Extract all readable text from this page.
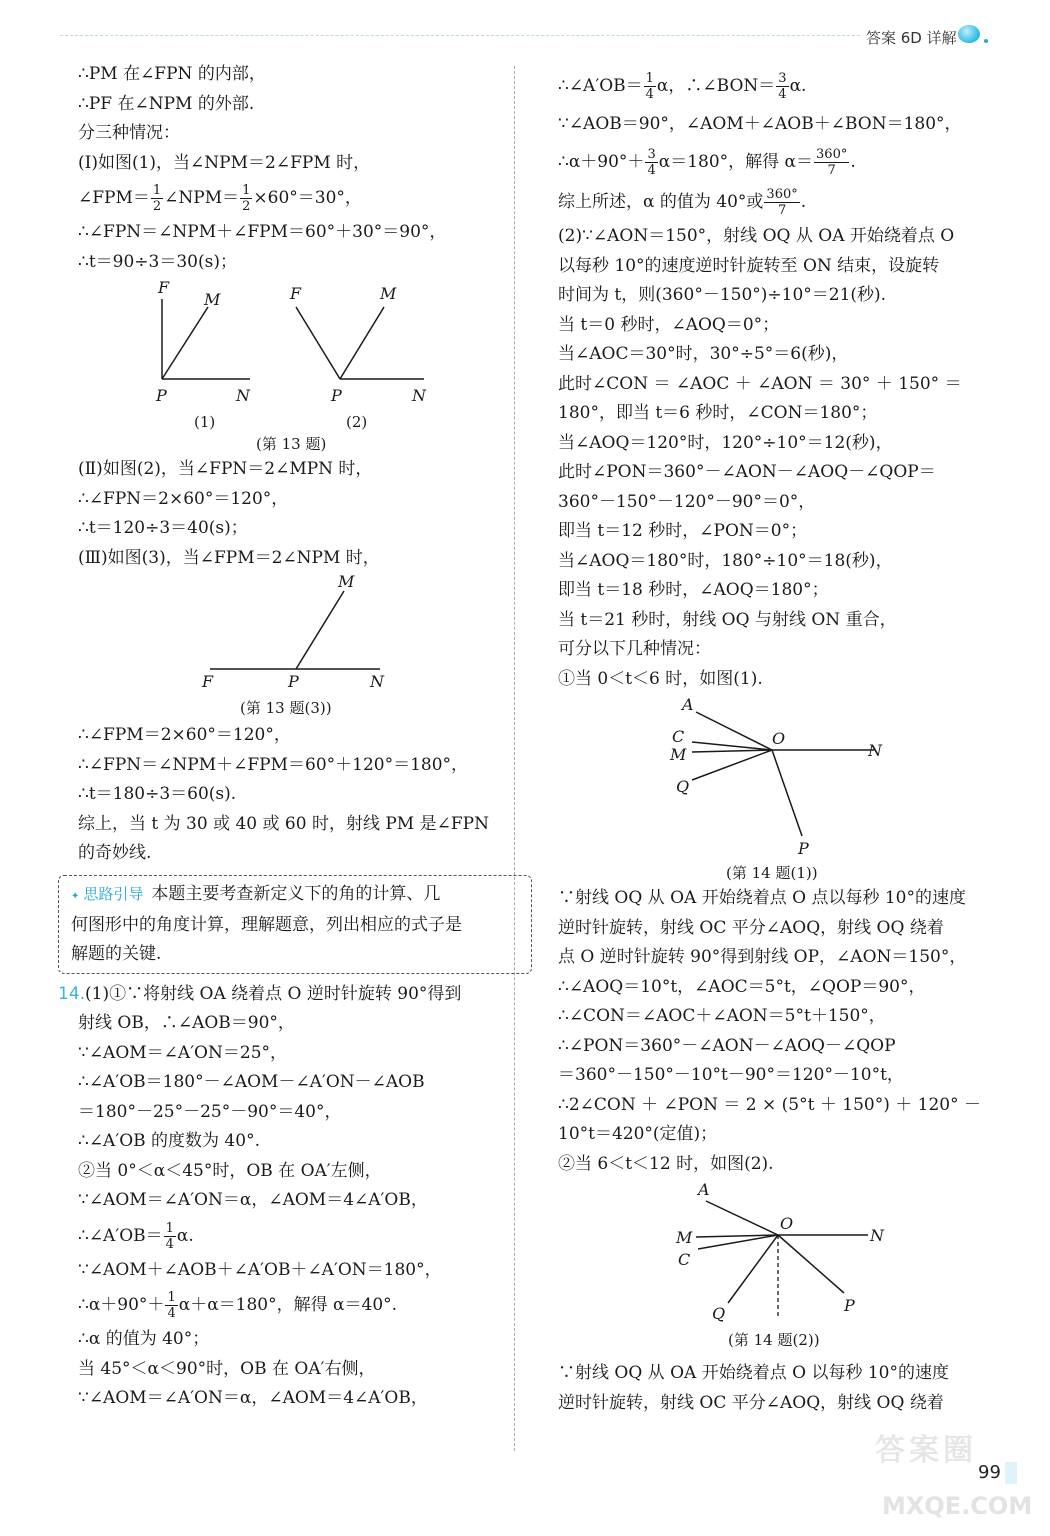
答案 6D 详解
∴PM 在∠FPN 的内部，
∴PF 在∠NPM 的外部.
分三种情况：
(Ⅰ)如图(1)，当∠NPM＝2∠FPM 时，
∠FPM＝ $\frac{1}{2}$ ∠NPM＝ $\frac{1}{2} \times 60^\circ=30^\circ$，
∴∠FPN＝∠NPM＋∠FPM＝60°＋30°＝90°，
∴t＝90÷3＝30(s)；
F
M
P	N
F	M
P	N
(1)	(2)
(第 13 题)
(Ⅱ)如图(2)，当∠FPN＝2∠MPN 时，
∴∠FPN＝2×60°＝120°，
∴t＝120÷3＝40(s)；
(Ⅲ)如图(3)，当∠FPM＝2∠NPM 时，
M
F	P	N
(第 13 题(3))
∴∠FPM＝2×60°＝120°，
∴∠FPN＝∠NPM＋∠FPM＝60°＋120°＝180°，
∴t＝180÷3＝60(s).
综上，当 t 为 30 或 40 或 60 时，射线 PM 是∠FPN
的奇妙线.
✦ 思路引导 本题主要考查新定义下的角的计算、几
何图形中的角度计算，理解题意，列出相应的式子是
解题的关键.
14.(1)①∵将射线 OA 绕着点 O 逆时针旋转 90°得到
射线 OB，∴∠AOB＝90°，
∵∠AOM＝∠A′ON＝25°，
∴∠A′OB＝180°－∠AOM－∠A′ON－∠AOB
＝180°－25°－25°－90°＝40°，
∴∠A′OB 的度数为 40°.
②当 0°＜α＜45°时，OB 在 OA′左侧，
∵∠AOM＝∠A′ON＝α，∠AOM＝4∠A′OB，
∴∠A′OB＝ $\frac{1}{4} \alpha$.
∵∠AOM＋∠AOB＋∠A′OB＋∠A′ON＝180°，
∴α＋90°＋ $\frac{1}{4} \alpha+\alpha=180^\circ$，解得 α＝40°.
∴α 的值为 40°；
当 45°＜α＜90°时，OB 在 OA′右侧，
∵∠AOM＝∠A′ON＝α，∠AOM＝4∠A′OB，
∴∠A′OB＝ $\frac{1}{4}$ α，∴∠BON＝ $\frac{3}{4} \alpha$.
∵∠AOB＝90°，∠AOM＋∠AOB＋∠BON＝180°，
∴α＋90°＋ $\frac{3}{4} \alpha=180^\circ$，解得 $\alpha= \frac{360^\circ}{7}$ .
综上所述，α 的值为 40°或 $\frac{360^\circ}{7}$ .
(2)∵∠AON＝150°，射线 OQ 从 OA 开始绕着点 O
以每秒 10°的速度逆时针旋转至 ON 结束，设旋转
时间为 t，则(360°－150°)÷10°＝21(秒).
当 t＝0 秒时，∠AOQ＝0°；
当∠AOC＝30°时，30°÷5°＝6(秒)，
此时∠CON ＝ ∠AOC ＋ ∠AON ＝ 30° ＋ 150° ＝
180°，即当 t＝6 秒时，∠CON＝180°；
当∠AOQ＝120°时，120°÷10°＝12(秒)，
此时∠PON＝360°－∠AON－∠AOQ－∠QOP＝
360°－150°－120°－90°＝0°，
即当 t＝12 秒时，∠PON＝0°；
当∠AOQ＝180°时，180°÷10°＝18(秒)，
即当 t＝18 秒时，∠AOQ＝180°；
当 t＝21 秒时，射线 OQ 与射线 ON 重合，
可分以下几种情况：
①当 0＜t＜6 时，如图(1).
A
C
M
O
N
Q
P
(第 14 题(1))
∵射线 OQ 从 OA 开始绕着点 O 点以每秒 10°的速度
逆时针旋转，射线 OC 平分∠AOQ，射线 OQ 绕着
点 O 逆时针旋转 90°得到射线 OP，∠AON＝150°，
∴∠AOQ＝10°t，∠AOC＝5°t，∠QOP＝90°，
∴∠CON＝∠AOC＋∠AON＝5°t＋150°，
∴∠PON＝360°－∠AON－∠AOQ－∠QOP
＝360°－150°－10°t－90°＝120°－10°t，
∴2∠CON ＋ ∠PON ＝ 2 × (5°t ＋ 150°) ＋ 120° －
10°t＝420°(定值)；
②当 6＜t＜12 时，如图(2).
A
O
M	N
C
Q	P
(第 14 题(2))
∵射线 OQ 从 OA 开始绕着点 O 以每秒 10°的速度
逆时针旋转，射线 OC 平分∠AOQ，射线 OQ 绕着
答案圈
MXQE.COM
99
